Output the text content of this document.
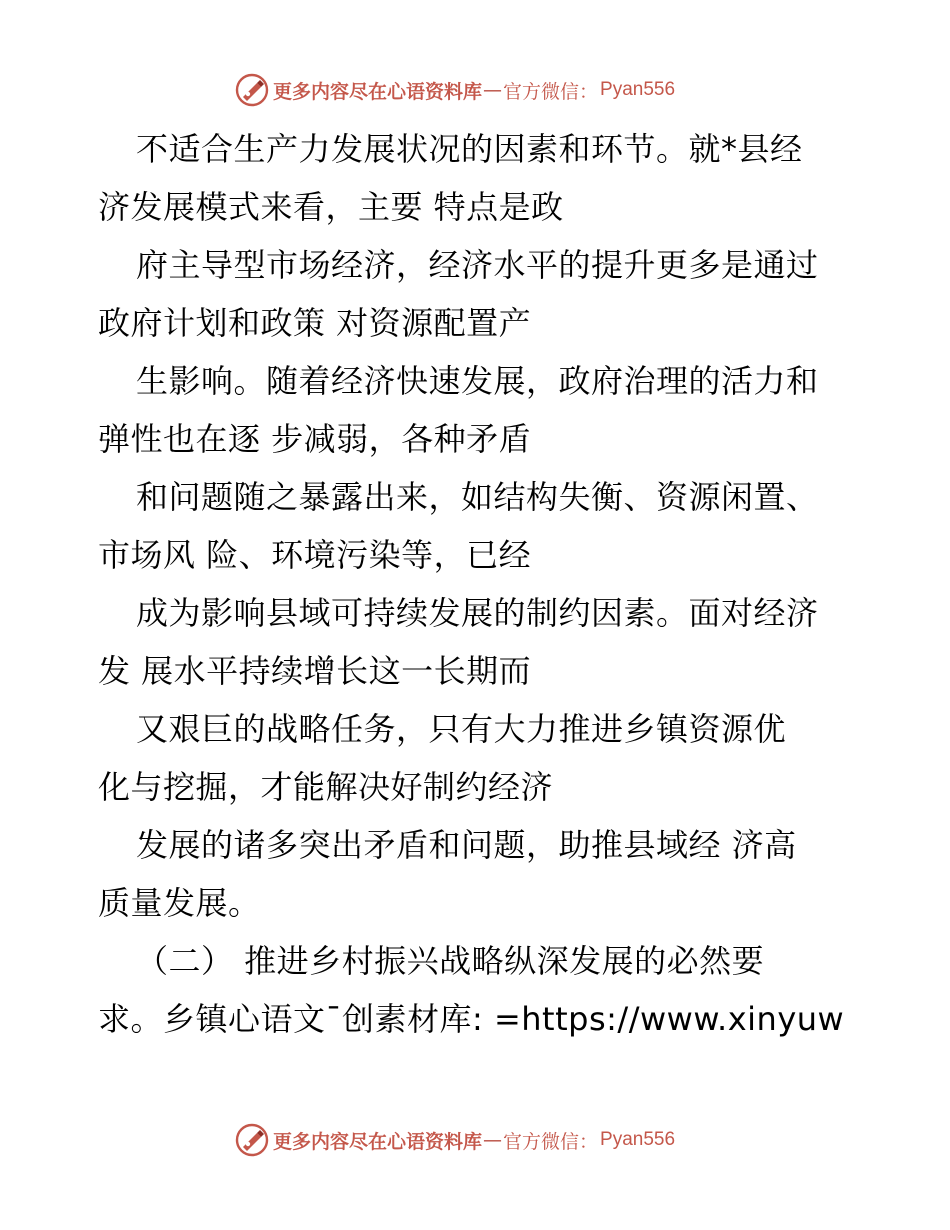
更多内容尽在心语资料库 — 官方微信： Pyan556
不适合生产力发展状况的因素和环节。就*县经
济发展模式来看，主要 特点是政
府主导型市场经济，经济水平的提升更多是通过
政府计划和政策 对资源配置产
生影响。随着经济快速发展，政府治理的活力和
弹性也在逐 步减弱，各种矛盾
和问题随之暴露出来，如结构失衡、资源闲置、
市场风 险、环境污染等，已经
成为影响县域可持续发展的制约因素。面对经济
发 展水平持续增长这一长期而
又艰巨的战略任务，只有大力推进乡镇资源优
化与挖掘，才能解决好制约经济
发展的诸多突出矛盾和问题，助推县域经 济高
质量发展。
（二） 推进乡村振兴战略纵深发展的必然要
求。乡镇心语文¯创素材库: =https://www.xinyuw
更多内容尽在心语资料库 — 官方微信： Pyan556
